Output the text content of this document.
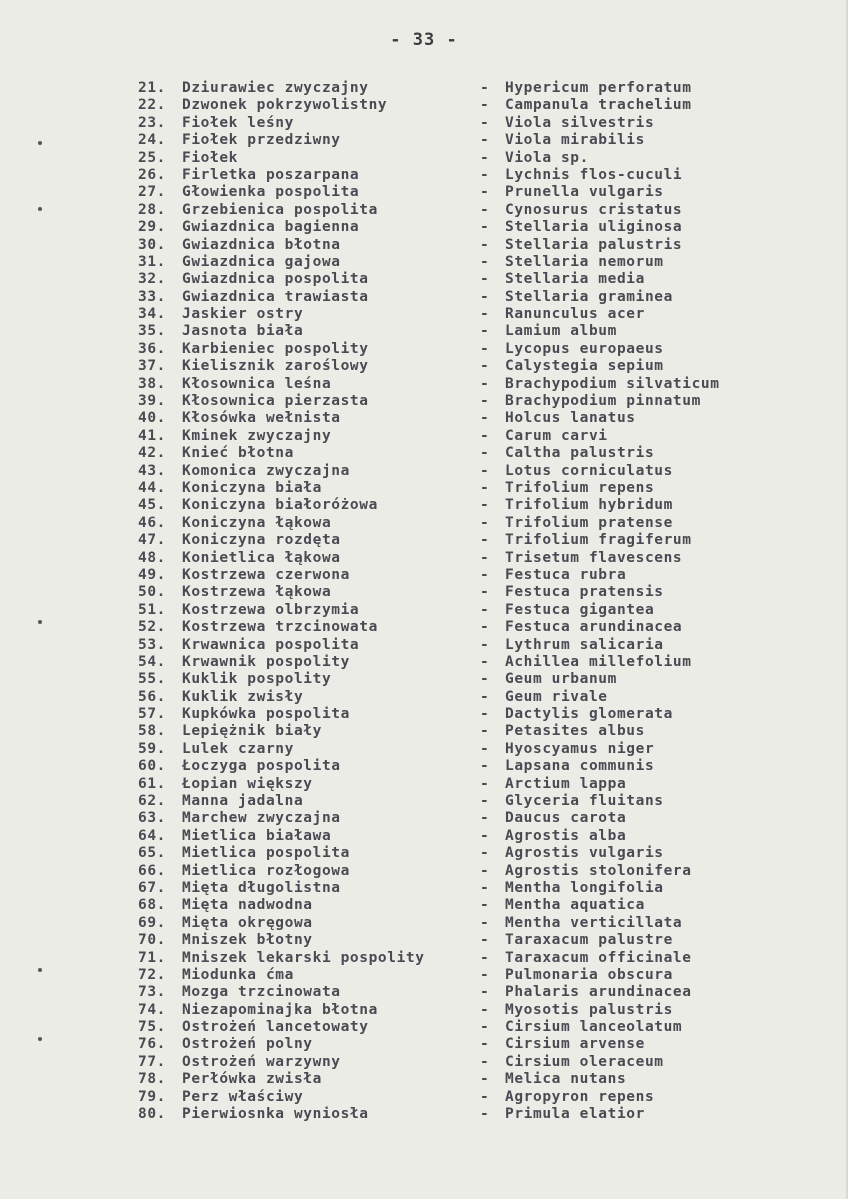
- 33 -
21.	Dziurawiec zwyczajny	- Hypericum perforatum
22.	Dzwonek pokrzywolistny	- Campanula trachelium
23.	Fiołek leśny	- Viola silvestris
24.	Fiołek przedziwny	- Viola mirabilis
25.	Fiołek	- Viola sp.
26.	Firletka poszarpana	- Lychnis flos-cuculi
27.	Głowienka pospolita	- Prunella vulgaris
28.	Grzebienica pospolita	- Cynosurus cristatus
29.	Gwiazdnica bagienna	- Stellaria uliginosa
30.	Gwiazdnica błotna	- Stellaria palustris
31.	Gwiazdnica gajowa	- Stellaria nemorum
32.	Gwiazdnica pospolita	- Stellaria media
33.	Gwiazdnica trawiasta	- Stellaria graminea
34.	Jaskier ostry	- Ranunculus acer
35.	Jasnota biała	- Lamium album
36.	Karbieniec pospolity	- Lycopus europaeus
37.	Kielisznik zaroślowy	- Calystegia sepium
38.	Kłosownica leśna	- Brachypodium silvaticum
39.	Kłosownica pierzasta	- Brachypodium pinnatum
40.	Kłosówka wełnista	- Holcus lanatus
41.	Kminek zwyczajny	- Carum carvi
42.	Knieć błotna	- Caltha palustris
43.	Komonica zwyczajna	- Lotus corniculatus
44.	Koniczyna biała	- Trifolium repens
45.	Koniczyna białoróżowa	- Trifolium hybridum
46.	Koniczyna łąkowa	- Trifolium pratense
47.	Koniczyna rozdęta	- Trifolium fragiferum
48.	Konietlica łąkowa	- Trisetum flavescens
49.	Kostrzewa czerwona	- Festuca rubra
50.	Kostrzewa łąkowa	- Festuca pratensis
51.	Kostrzewa olbrzymia	- Festuca gigantea
52.	Kostrzewa trzcinowata	- Festuca arundinacea
53.	Krwawnica pospolita	- Lythrum salicaria
54.	Krwawnik pospolity	- Achillea millefolium
55.	Kuklik pospolity	- Geum urbanum
56.	Kuklik zwisły	- Geum rivale
57.	Kupkówka pospolita	- Dactylis glomerata
58.	Lepiężnik biały	- Petasites albus
59.	Lulek czarny	- Hyoscyamus niger
60.	Łoczyga pospolita	- Lapsana communis
61.	Łopian większy	- Arctium lappa
62.	Manna jadalna	- Glyceria fluitans
63.	Marchew zwyczajna	- Daucus carota
64.	Mietlica biaława	- Agrostis alba
65.	Mietlica pospolita	- Agrostis vulgaris
66.	Mietlica rozłogowa	- Agrostis stolonifera
67.	Mięta długolistna	- Mentha longifolia
68.	Mięta nadwodna	- Mentha aquatica
69.	Mięta okręgowa	- Mentha verticillata
70.	Mniszek błotny	- Taraxacum palustre
71.	Mniszek lekarski pospolity	- Taraxacum officinale
72.	Miodunka ćma	- Pulmonaria obscura
73.	Mozga trzcinowata	- Phalaris arundinacea
74.	Niezapominajka błotna	- Myosotis palustris
75.	Ostrożeń lancetowaty	- Cirsium lanceolatum
76.	Ostrożeń polny	- Cirsium arvense
77.	Ostrożeń warzywny	- Cirsium oleraceum
78.	Perłówka zwisła	- Melica nutans
79.	Perz właściwy	- Agropyron repens
80.	Pierwiosnka wyniosła	- Primula elatior
